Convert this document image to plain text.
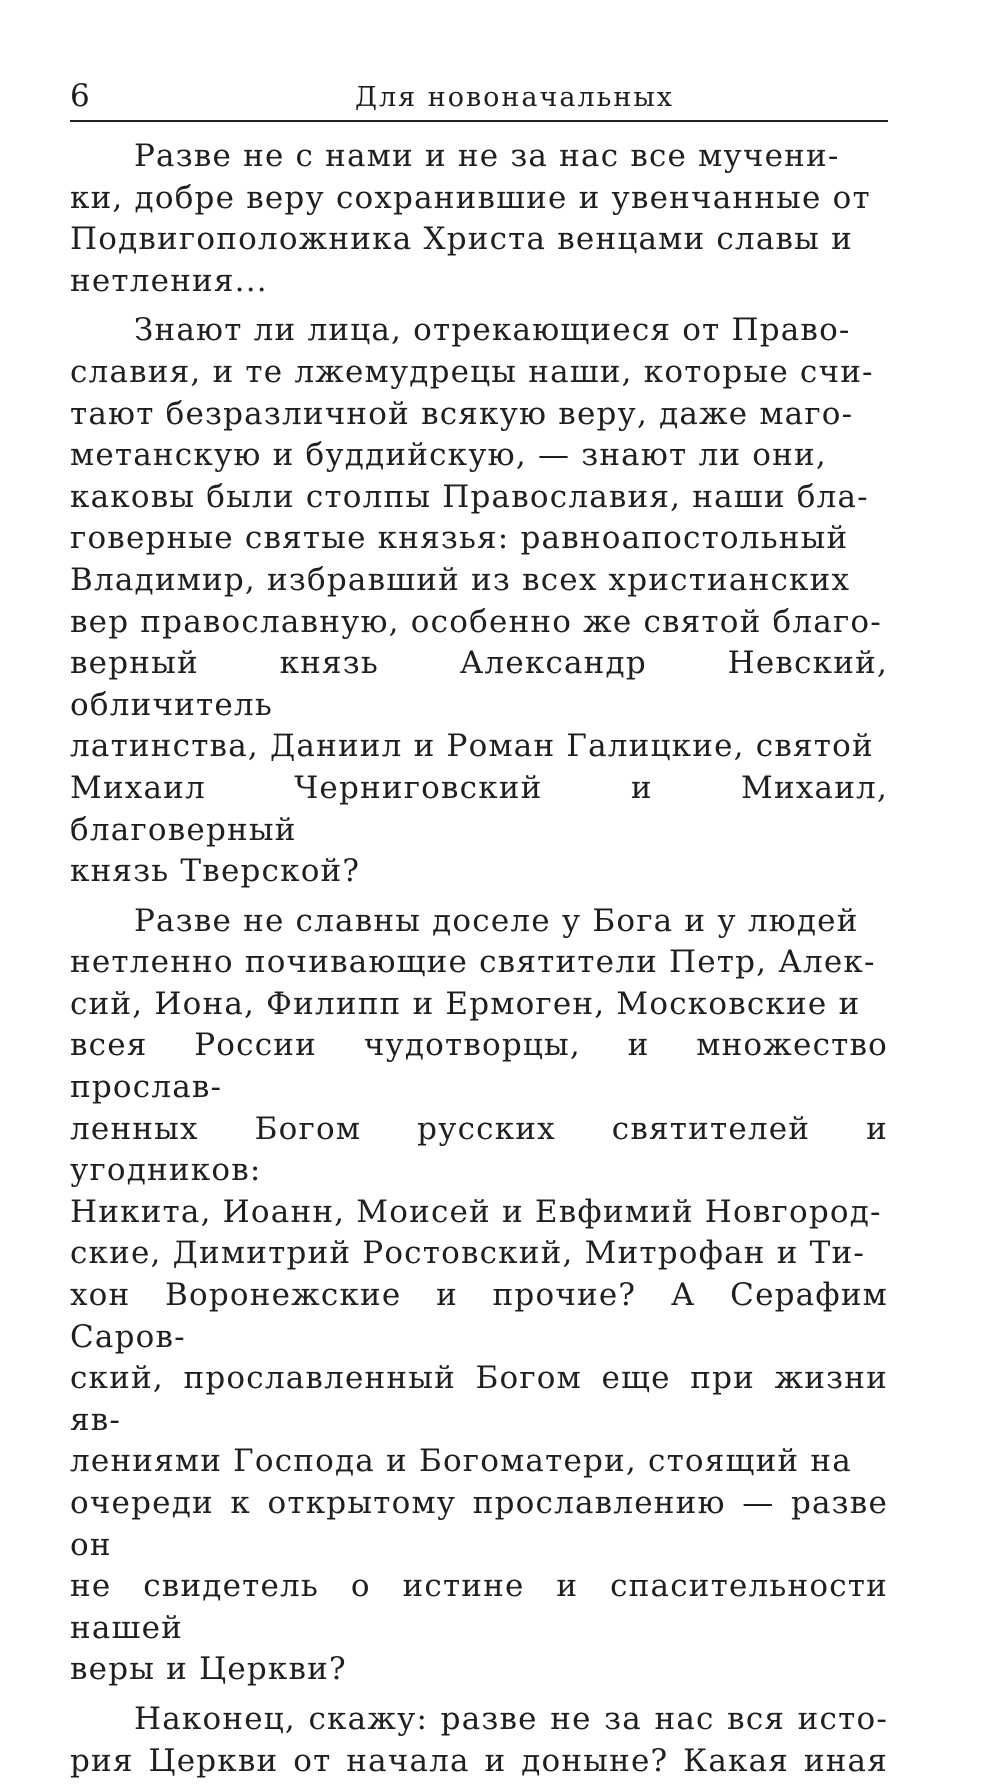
6	Для новоначальных

Разве не с нами и не за нас все мучени-
ки, добре веру сохранившие и увенчанные от
Подвигоположника Христа венцами славы и
нетления...

Знают ли лица, отрекающиеся от Право-
славия, и те лжемудрецы наши, которые счи-
тают безразличной всякую веру, даже маго-
метанскую и буддийскую, — знают ли они,
каковы были столпы Православия, наши бла-
говерные святые князья: равноапостольный
Владимир, избравший из всех христианских
вер православную, особенно же святой благо-
верный князь Александр Невский, обличитель
латинства, Даниил и Роман Галицкие, святой
Михаил Черниговский и Михаил, благоверный
князь Тверской?

Разве не славны доселе у Бога и у людей
нетленно почивающие святители Петр, Алек-
сий, Иона, Филипп и Ермоген, Московские и
всея России чудотворцы, и множество прослав-
ленных Богом русских святителей и угодников:
Никита, Иоанн, Моисей и Евфимий Новгород-
ские, Димитрий Ростовский, Митрофан и Ти-
хон Воронежские и прочие? А Серафим Саров-
ский, прославленный Богом еще при жизни яв-
лениями Господа и Богоматери, стоящий на
очереди к открытому прославлению — разве он
не свидетель о истине и спасительности нашей
веры и Церкви?

Наконец, скажу: разве не за нас вся исто-
рия Церкви от начала и доныне? Какая иная
